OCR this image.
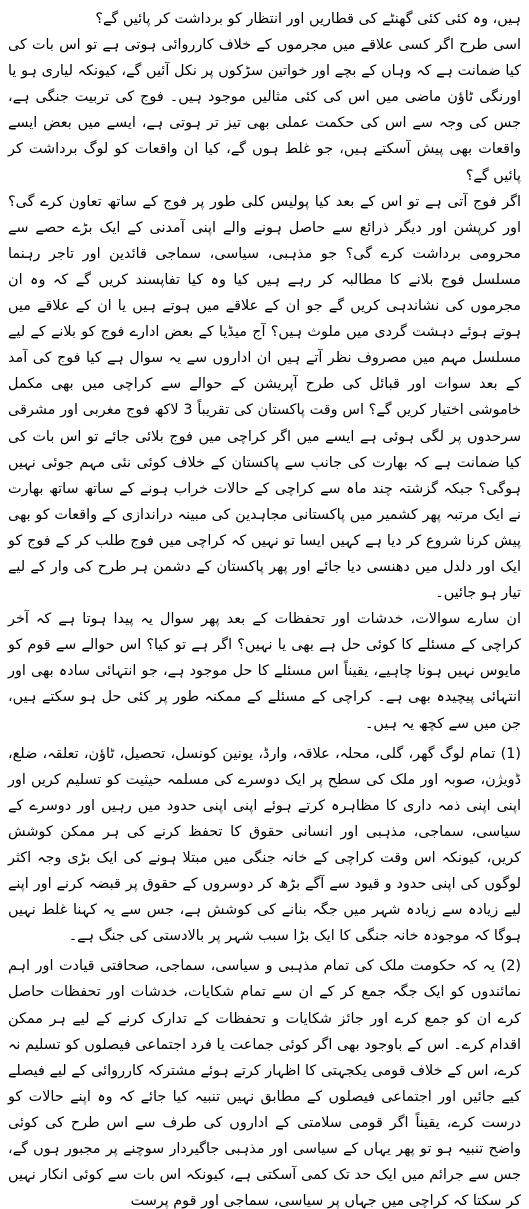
ہیں، وہ کئی کئی گھنٹے کی قطاریں اور انتظار کو برداشت کر پائیں گے؟

اسی طرح اگر کسی علاقے میں مجرموں کے خلاف کارروائی ہوتی ہے تو اس بات کی کیا ضمانت ہے کہ وہاں کے بچے اور خواتین سڑکوں پر نکل آئیں گے، کیونکہ لیاری ہو یا اورنگی ٹاؤن ماضی میں اس کی کئی مثالیں موجود ہیں۔ فوج کی تربیت جنگی ہے، جس کی وجہ سے اس کی حکمت عملی بھی تیز تر ہوتی ہے، ایسے میں بعض ایسے واقعات بھی پیش آسکتے ہیں، جو غلط ہوں گے، کیا ان واقعات کو لوگ برداشت کر پائیں گے؟

اگر فوج آتی ہے تو اس کے بعد کیا پولیس کلی طور پر فوج کے ساتھ تعاون کرے گی؟ اور کرپشن اور دیگر ذرائع سے حاصل ہونے والے اپنی آمدنی کے ایک بڑے حصے سے محرومی برداشت کرے گی؟ جو مذہبی، سیاسی، سماجی قائدین اور تاجر رہنما مسلسل فوج بلانے کا مطالبہ کر رہے ہیں کیا وہ کیا تفاپسند کریں گے کہ وہ ان مجرموں کی نشاندہی کریں گے جو ان کے علاقے میں ہوتے ہیں یا ان کے علاقے میں ہوتے ہوئے دہشت گردی میں ملوث ہیں؟ آج میڈیا کے بعض ادارے فوج کو بلانے کے لیے مسلسل مہم میں مصروف نظر آتے ہیں ان اداروں سے یہ سوال ہے کیا فوج کی آمد کے بعد سوات اور قبائل کی طرح آپریشن کے حوالے سے کراچی میں بھی مکمل خاموشی اختیار کریں گے؟ اس وقت پاکستان کی تقریباً 3 لاکھ فوج مغربی اور مشرقی سرحدوں پر لگی ہوئی ہے ایسے میں اگر کراچی میں فوج بلائی جائے تو اس بات کی کیا ضمانت ہے کہ بھارت کی جانب سے پاکستان کے خلاف کوئی نئی مہم جوئی نہیں ہوگی؟ جبکہ گزشتہ چند ماہ سے کراچی کے حالات خراب ہونے کے ساتھ ساتھ بھارت نے ایک مرتبہ پھر کشمیر میں پاکستانی مجاہدین کی مبینہ دراندازی کے واقعات کو بھی پیش کرنا شروع کر دیا ہے کہیں ایسا تو نہیں کہ کراچی میں فوج طلب کر کے فوج کو ایک اور دلدل میں دھنسی دیا جائے اور پھر پاکستان کے دشمن ہر طرح کی وار کے لیے تیار ہو جائیں۔

ان سارے سوالات، خدشات اور تحفظات کے بعد پھر سوال یہ پیدا ہوتا ہے کہ آخر کراچی کے مسئلے کا کوئی حل ہے بھی یا نہیں؟ اگر ہے تو کیا؟ اس حوالے سے قوم کو مایوس نہیں ہونا چاہیے، یقیناً اس مسئلے کا حل موجود ہے، جو انتہائی سادہ بھی اور انتہائی پیچیدہ بھی ہے۔ کراچی کے مسئلے کے ممکنہ طور پر کئی حل ہو سکتے ہیں، جن میں سے کچھ یہ ہیں۔

(1) تمام لوگ گھر، گلی، محلہ، علاقہ، وارڈ، یونین کونسل، تحصیل، ٹاؤن، تعلقہ، ضلع، ڈویژن، صوبہ اور ملک کی سطح پر ایک دوسرے کی مسلمہ حیثیت کو تسلیم کریں اور اپنی اپنی ذمہ داری کا مظاہرہ کرتے ہوئے اپنی اپنی حدود میں رہیں اور دوسرے کے سیاسی، سماجی، مذہبی اور انسانی حقوق کا تحفظ کرنے کی ہر ممکن کوشش کریں، کیونکہ اس وقت کراچی کے خانہ جنگی میں مبتلا ہونے کی ایک بڑی وجہ اکثر لوگوں کی اپنی حدود و قیود سے آگے بڑھ کر دوسروں کے حقوق پر قبضہ کرنے اور اپنے لیے زیادہ سے زیادہ شہر میں جگہ بنانے کی کوشش ہے، جس سے یہ کہنا غلط نہیں ہوگا کہ موجودہ خانہ جنگی کا ایک بڑا سبب شہر پر بالادستی کی جنگ ہے۔

(2) یہ کہ حکومت ملک کی تمام مذہبی و سیاسی، سماجی، صحافتی قیادت اور اہم نمائندوں کو ایک جگہ جمع کر کے ان سے تمام شکایات، خدشات اور تحفظات حاصل کرے ان کو جمع کرے اور جائز شکایات و تحفظات کے تدارک کرنے کے لیے ہر ممکن اقدام کرے۔ اس کے باوجود بھی اگر کوئی جماعت یا فرد اجتماعی فیصلوں کو تسلیم نہ کرے، اس کے خلاف قومی یکجہتی کا اظہار کرتے ہوئے مشترکہ کارروائی کے لیے فیصلے کیے جائیں اور اجتماعی فیصلوں کے مطابق نہیں تنبیہ کیا جائے کہ وہ اپنے حالات کو درست کرے، یقیناً اگر قومی سلامتی کے اداروں کی طرف سے اس طرح کی کوئی واضح تنبیہ ہو تو پھر یہاں کے سیاسی اور مذہبی جاگیردار سوچنے پر مجبور ہوں گے، جس سے جرائم میں ایک حد تک کمی آسکتی ہے، کیونکہ اس بات سے کوئی انکار نہیں کر سکتا کہ کراچی میں جہاں پر سیاسی، سماجی اور قوم پرست
